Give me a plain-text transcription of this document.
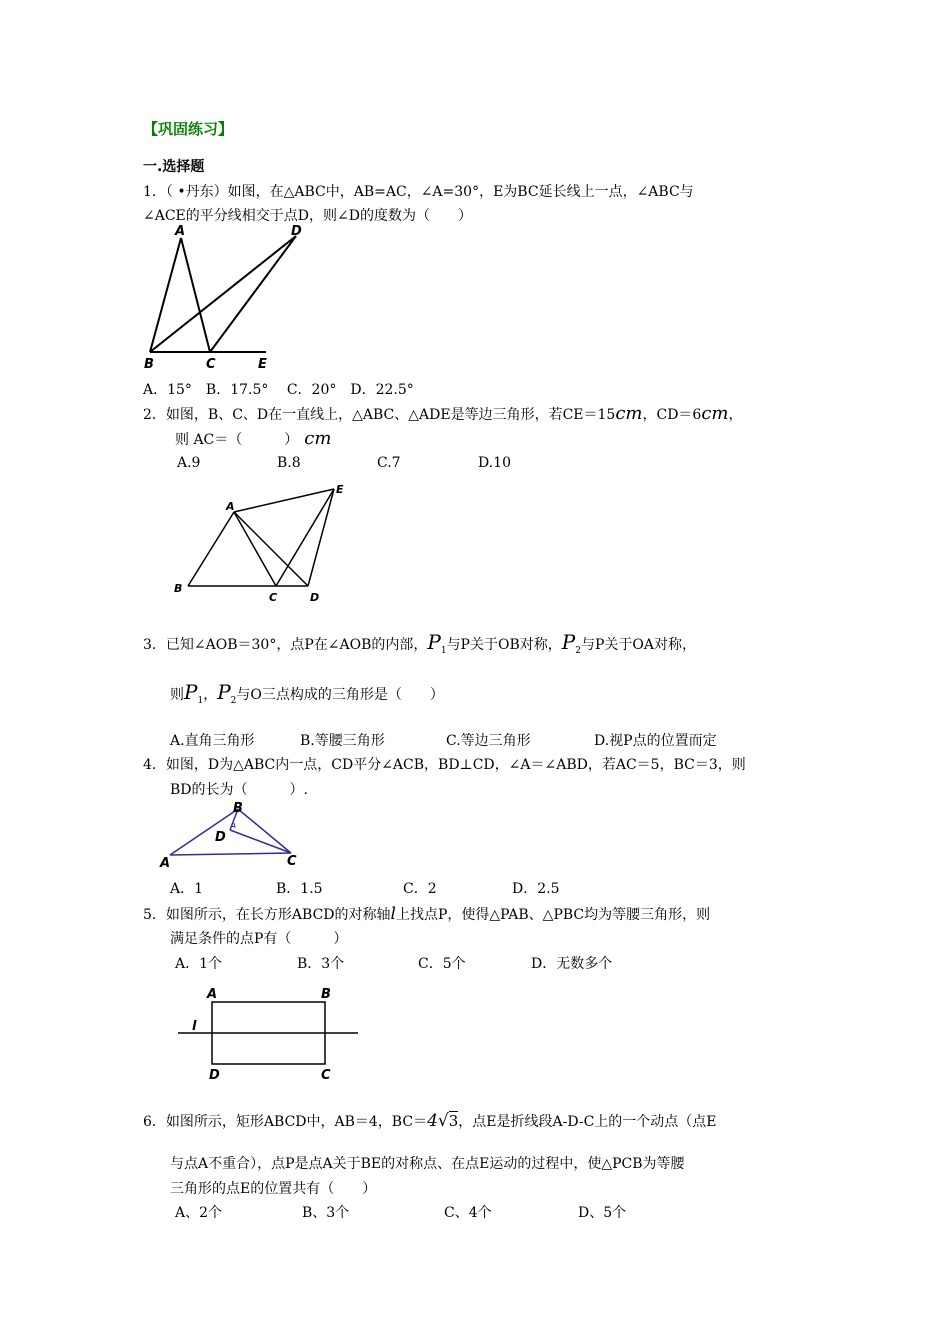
【巩固练习】
一.选择题
1．（ •丹东）如图，在△ABC中，AB=AC，∠A=30°，E为BC延长线上一点，∠ABC与
∠ACE的平分线相交于点D，则∠D的度数为（　　）
A	D
B	C	E
A．15°　B．17.5°　 C．20°　D．22.5°
2．如图，B、C、D在一直线上，△ABC、△ADE是等边三角形，若CE＝15cm，CD＝6cm，
则 AC＝（　　　） cm
A.9	B.8	C.7	D.10
A
E
B
C	D
3．已知∠AOB＝30°，点P在∠AOB的内部，$P_1$与P关于OB对称，$P_2$与P关于OA对称，
则$P_1$，$P_2$与O三点构成的三角形是（　　）
A.直角三角形	B.等腰三角形	C.等边三角形	D.视P点的位置而定
4．如图，D为△ABC内一点，CD平分∠ACB，BD⊥CD，∠A＝∠ABD，若AC＝5，BC＝3，则
BD的长为（　　　）.
B
D
A	C
A．1	B．1.5	C．2	D．2.5
5．如图所示，在长方形ABCD的对称轴l上找点P，使得△PAB、△PBC均为等腰三角形，则
满足条件的点P有（　　　）
A．1个	B．3个	C．5个	D．无数多个
A	B
l
D	C
6．如图所示，矩形ABCD中，AB＝4，BC＝4√3，点E是折线段A-D-C上的一个动点（点E
与点A不重合），点P是点A关于BE的对称点、在点E运动的过程中，使△PCB为等腰
三角形的点E的位置共有（　　）
A、2个	B、3个	C、4个	D、5个
